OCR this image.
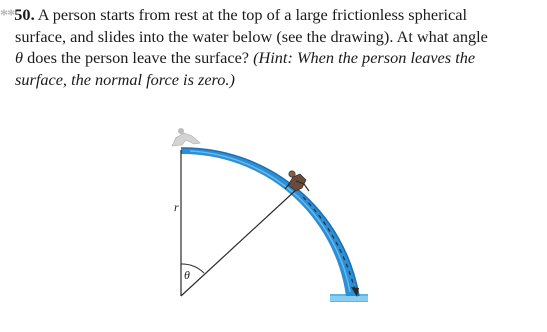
**50. A person starts from rest at the top of a large frictionless spherical
surface, and slides into the water below (see the drawing). At what angle
θ does the person leave the surface? (Hint: When the person leaves the
surface, the normal force is zero.)
r
θ
